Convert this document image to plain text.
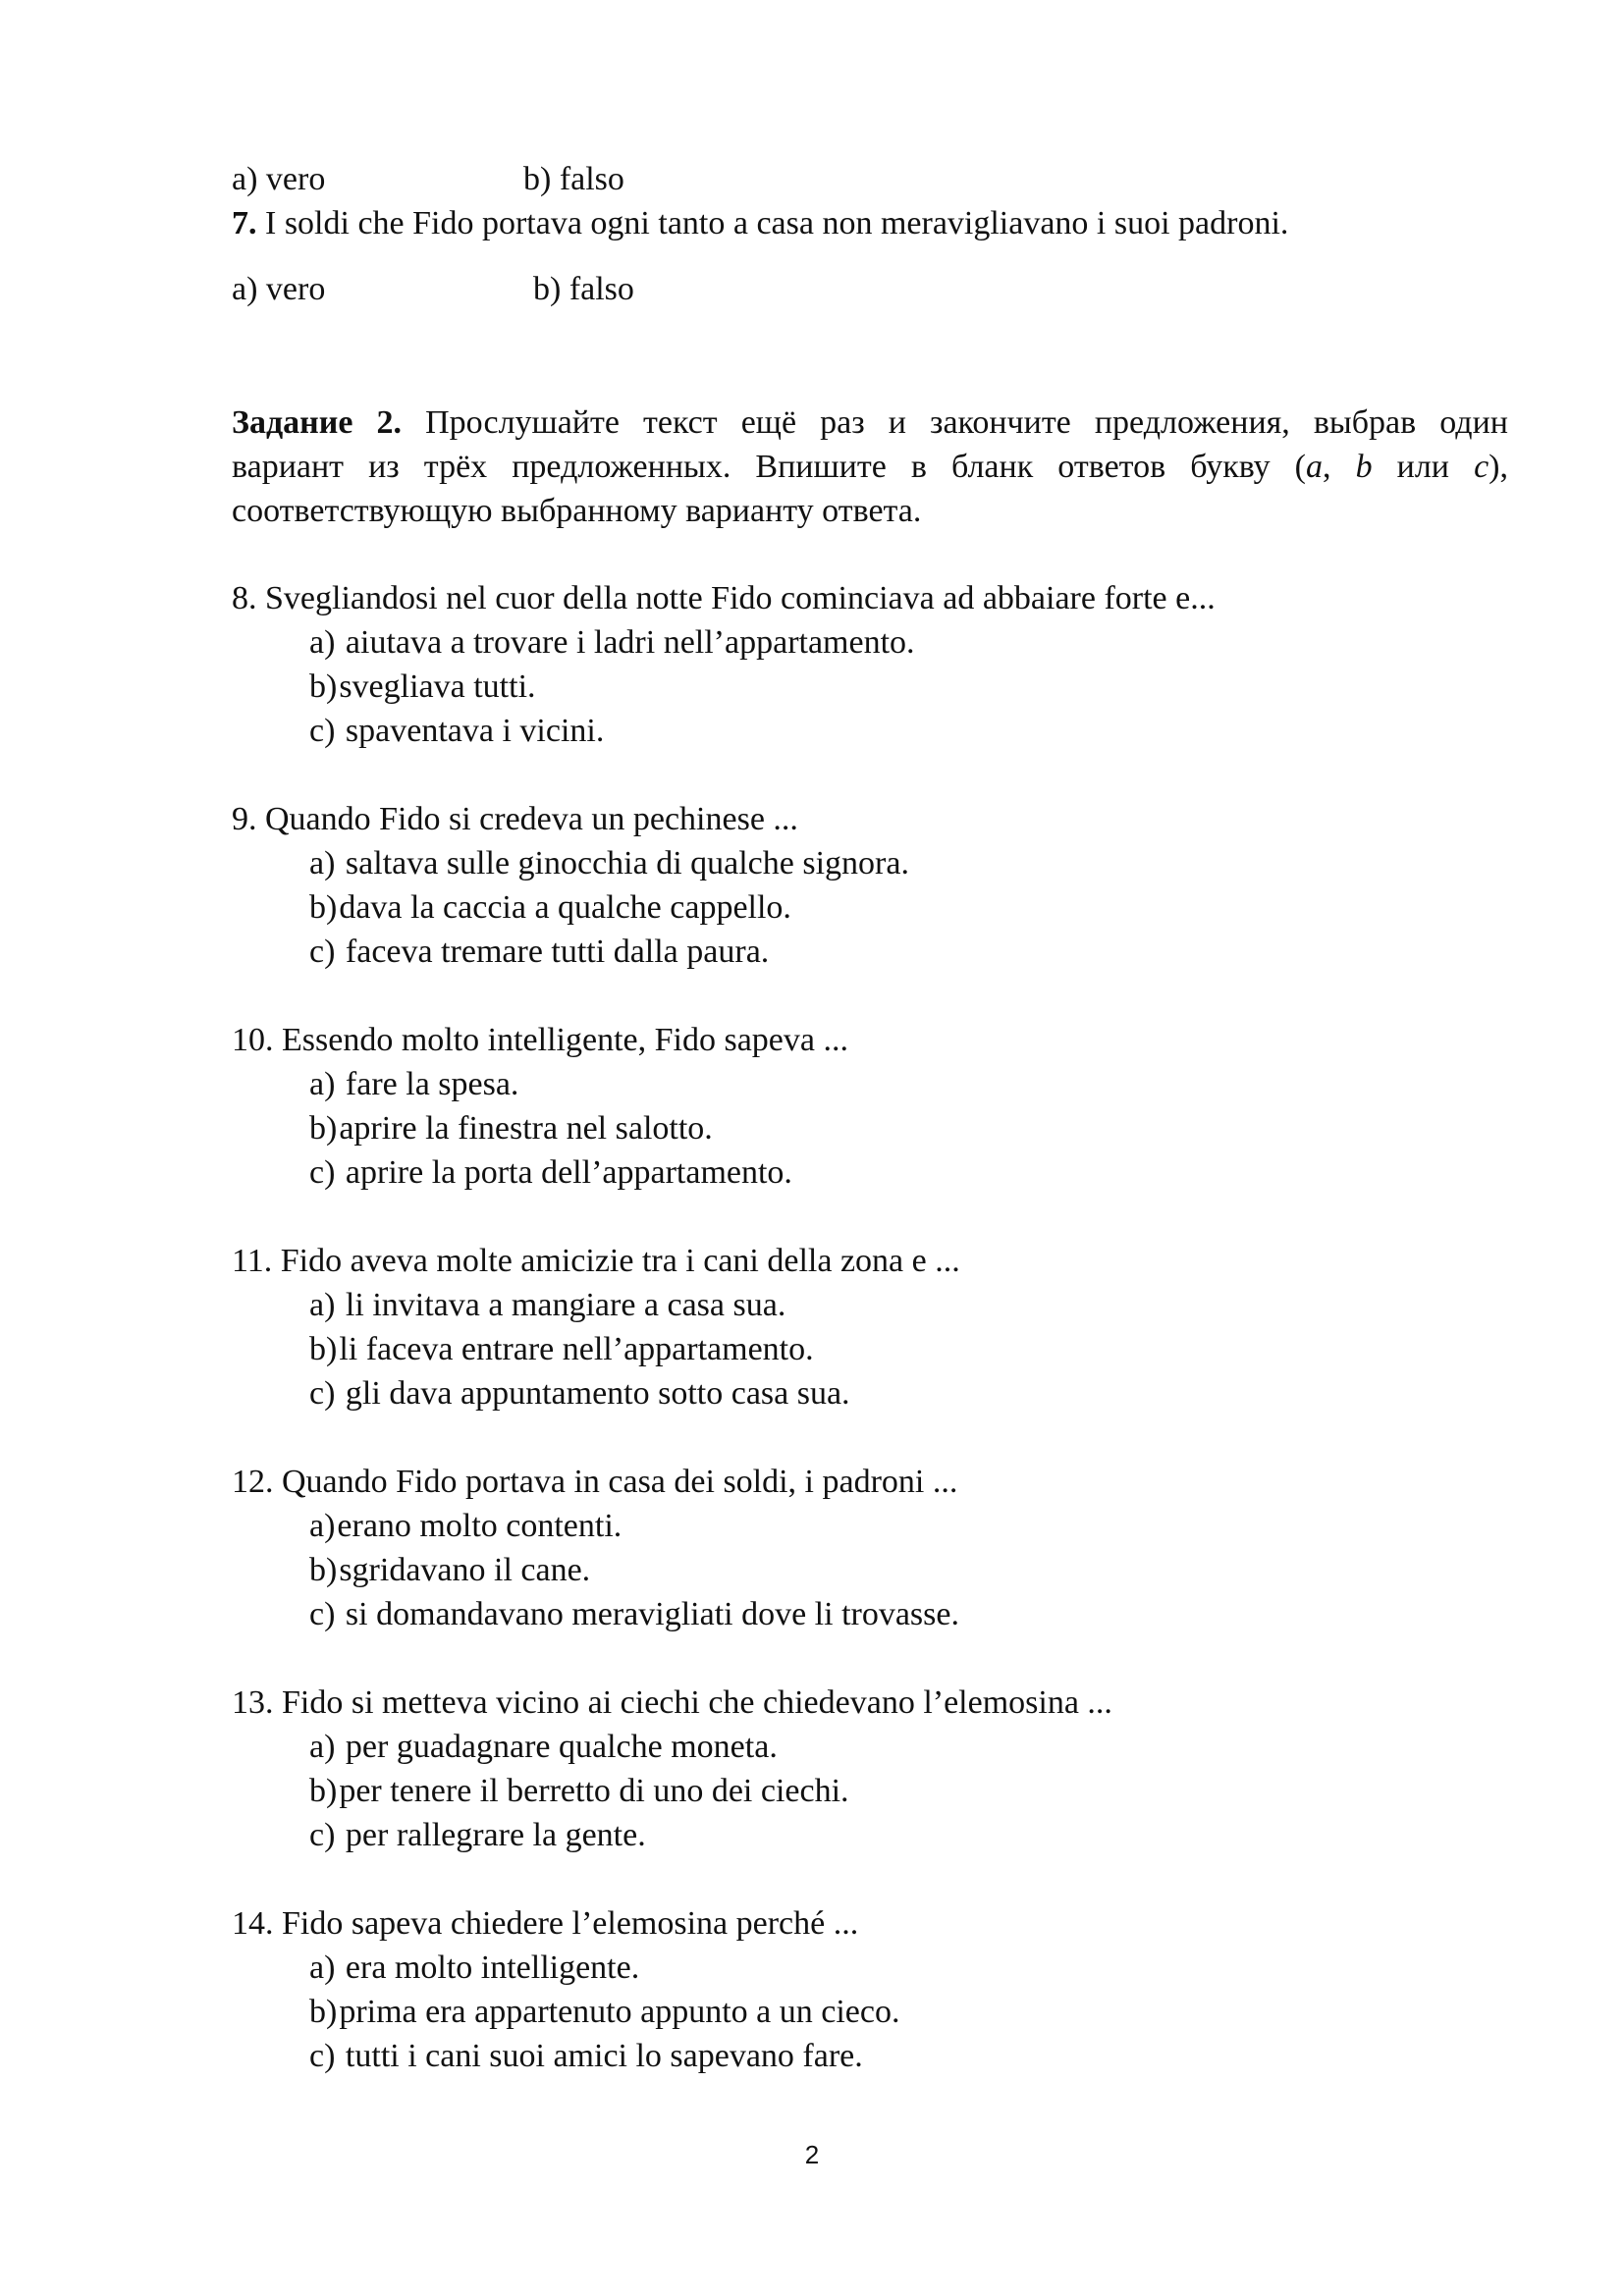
a) vero	b) falso
7. I soldi che Fido portava ogni tanto a casa non meravigliavano i suoi padroni.
a) vero	b) falso
Задание 2. Прослушайте текст ещё раз и закончите предложения, выбрав один
вариант из трёх предложенных. Впишите в бланк ответов букву (a, b или c),
соответствующую выбранному варианту ответа.
8. Svegliandosi nel cuor della notte Fido cominciava ad abbaiare forte e...
a) aiutava a trovare i ladri nell’appartamento.
b)svegliava tutti.
c) spaventava i vicini.
9. Quando Fido si credeva un pechinese ...
a) saltava sulle ginocchia di qualche signora.
b)dava la caccia a qualche cappello.
c) faceva tremare tutti dalla paura.
10. Essendo molto intelligente, Fido sapeva ...
a) fare la spesa.
b)aprire la finestra nel salotto.
c) aprire la porta dell’appartamento.
11. Fido aveva molte amicizie tra i cani della zona e ...
a) li invitava a mangiare a casa sua.
b)li faceva entrare nell’appartamento.
c) gli dava appuntamento sotto casa sua.
12. Quando Fido portava in casa dei soldi, i padroni ...
a)erano molto contenti.
b)sgridavano il cane.
c) si domandavano meravigliati dove li trovasse.
13. Fido si metteva vicino ai ciechi che chiedevano l’elemosina ...
a) per guadagnare qualche moneta.
b)per tenere il berretto di uno dei ciechi.
c) per rallegrare la gente.
14. Fido sapeva chiedere l’elemosina perché ...
a) era molto intelligente.
b)prima era appartenuto appunto a un cieco.
c) tutti i cani suoi amici lo sapevano fare.
2
